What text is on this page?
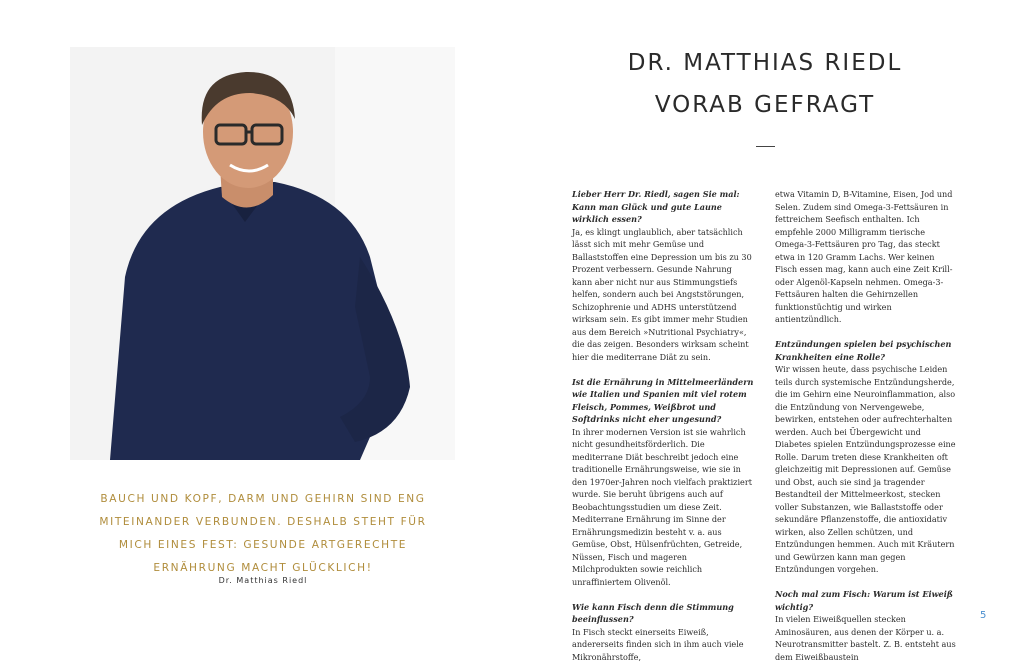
BAUCH UND KOPF, DARM UND GEHIRN SIND ENG MITEINANDER VERBUNDEN. DESHALB STEHT FÜR MICH EINES FEST: GESUNDE ARTGERECHTE ERNÄHRUNG MACHT GLÜCKLICH!
Dr. Matthias Riedl
DR. MATTHIAS RIEDL
VORAB GEFRAGT
Lieber Herr Dr. Riedl, sagen Sie mal: Kann man Glück und gute Laune wirklich essen?
Ja, es klingt unglaublich, aber tatsächlich lässt sich mit mehr Gemüse und Ballaststoffen eine Depression um bis zu 30 Prozent verbessern. Gesunde Nahrung kann aber nicht nur aus Stimmungstiefs helfen, sondern auch bei Angststörungen, Schizophrenie und ADHS unterstützend wirksam sein. Es gibt immer mehr Studien aus dem Bereich »Nutritional Psychiatry«, die das zeigen. Besonders wirksam scheint hier die mediterrane Diät zu sein.
Ist die Ernährung in Mittelmeerländern wie Italien und Spanien mit viel rotem Fleisch, Pommes, Weißbrot und Softdrinks nicht eher ungesund?
In ihrer modernen Version ist sie wahrlich nicht gesundheitsförderlich. Die mediterrane Diät beschreibt jedoch eine traditionelle Ernährungsweise, wie sie in den 1970er-Jahren noch vielfach praktiziert wurde. Sie beruht übrigens auch auf Beobachtungsstudien um diese Zeit. Mediterrane Ernährung im Sinne der Ernährungsmedizin besteht v. a. aus Gemüse, Obst, Hülsenfrüchten, Getreide, Nüssen, Fisch und mageren Milchprodukten sowie reichlich unraffiniertem Olivenöl.
Wie kann Fisch denn die Stimmung beeinflussen?
In Fisch steckt einerseits Eiweiß, andererseits finden sich in ihm auch viele Mikronährstoffe,
etwa Vitamin D, B-Vitamine, Eisen, Jod und Selen. Zudem sind Omega-3-Fettsäuren in fettreichem Seefisch enthalten. Ich empfehle 2000 Milligramm tierische Omega-3-Fettsäuren pro Tag, das steckt etwa in 120 Gramm Lachs. Wer keinen Fisch essen mag, kann auch eine Zeit Krill- oder Algenöl-Kapseln nehmen. Omega-3-Fettsäuren halten die Gehirnzellen funktionstüchtig und wirken antientzündlich.
Entzündungen spielen bei psychischen Krankheiten eine Rolle?
Wir wissen heute, dass psychische Leiden teils durch systemische Entzündungsherde, die im Gehirn eine Neuroinflammation, also die Entzündung von Nervengewebe, bewirken, entstehen oder aufrechterhalten werden. Auch bei Übergewicht und Diabetes spielen Entzündungsprozesse eine Rolle. Darum treten diese Krankheiten oft gleichzeitig mit Depressionen auf. Gemüse und Obst, auch sie sind ja tragender Bestandteil der Mittelmeerkost, stecken voller Substanzen, wie Ballaststoffe oder sekundäre Pflanzenstoffe, die antioxidativ wirken, also Zellen schützen, und Entzündungen hemmen. Auch mit Kräutern und Gewürzen kann man gegen Entzündungen vorgehen.
Noch mal zum Fisch: Warum ist Eiweiß wichtig?
In vielen Eiweißquellen stecken Aminosäuren, aus denen der Körper u. a. Neurotransmitter bastelt. Z. B. entsteht aus dem Eiweißbaustein
5
